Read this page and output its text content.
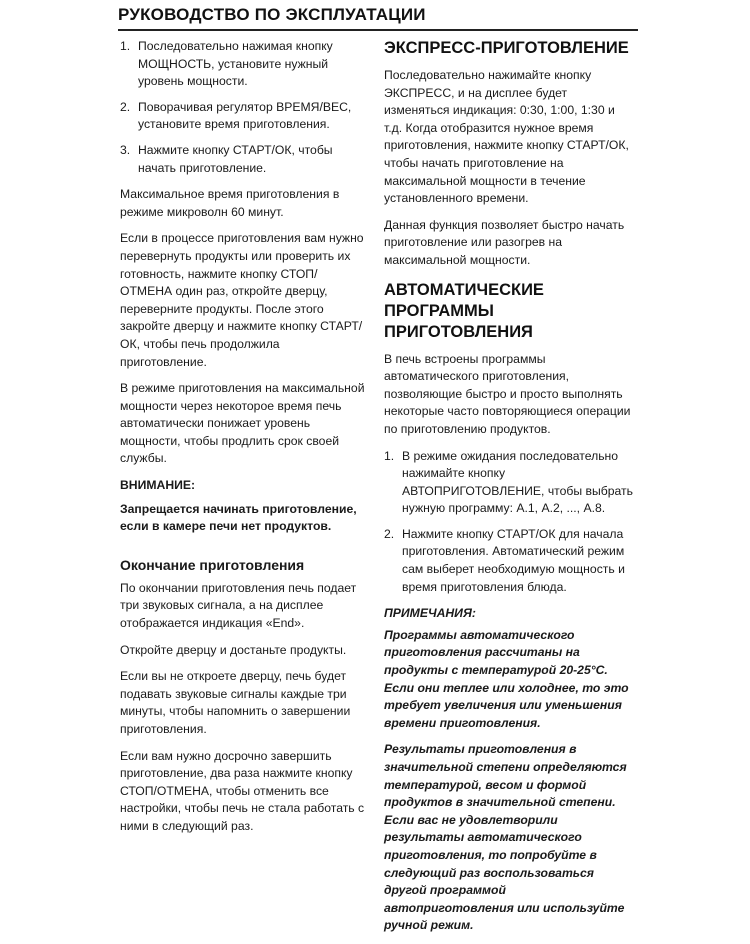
РУКОВОДСТВО ПО ЭКСПЛУАТАЦИИ
1. Последовательно нажимая кнопку МОЩНОСТЬ, установите нужный уровень мощности.
2. Поворачивая регулятор ВРЕМЯ/ВЕС, установите время приготовления.
3. Нажмите кнопку СТАРТ/ОК, чтобы начать приготовление.

Максимальное время приготовления в режиме микроволн 60 минут.

Если в процессе приготовления вам нужно перевернуть продукты или проверить их готовность, нажмите кнопку СТОП/ОТМЕНА один раз, откройте дверцу, переверните продукты. После этого закройте дверцу и нажмите кнопку СТАРТ/ОК, чтобы печь продолжила приготовление.

В режиме приготовления на максимальной мощности через некоторое время печь автоматически понижает уровень мощности, чтобы продлить срок своей службы.

ВНИМАНИЕ:

Запрещается начинать приготовление, если в камере печи нет продуктов.

Окончание приготовления

По окончании приготовления печь подает три звуковых сигнала, а на дисплее отображается индикация «End».

Откройте дверцу и достаньте продукты.

Если вы не откроете дверцу, печь будет подавать звуковые сигналы каждые три минуты, чтобы напомнить о завершении приготовления.

Если вам нужно досрочно завершить приготовление, два раза нажмите кнопку СТОП/ОТМЕНА, чтобы отменить все настройки, чтобы печь не стала работать с ними в следующий раз.

ЭКСПРЕСС-ПРИГОТОВЛЕНИЕ

Последовательно нажимайте кнопку ЭКСПРЕСС, и на дисплее будет изменяться индикация: 0:30, 1:00, 1:30 и т.д. Когда отобразится нужное время приготовления, нажмите кнопку СТАРТ/ОК, чтобы начать приготовление на максимальной мощности в течение установленного времени.

Данная функция позволяет быстро начать приготовление или разогрев на максимальной мощности.

АВТОМАТИЧЕСКИЕ ПРОГРАММЫ ПРИГОТОВЛЕНИЯ

В печь встроены программы автоматического приготовления, позволяющие быстро и просто выполнять некоторые часто повторяющиеся операции по приготовлению продуктов.

1. В режиме ожидания последовательно нажимайте кнопку АВТОПРИГОТОВЛЕНИЕ, чтобы выбрать нужную программу: А.1, А.2, ..., А.8.
2. Нажмите кнопку СТАРТ/ОК для начала приготовления. Автоматический режим сам выберет необходимую мощность и время приготовления блюда.

ПРИМЕЧАНИЯ:

Программы автоматического приготовления рассчитаны на продукты с температурой 20-25°С. Если они теплее или холоднее, то это требует увеличения или уменьшения времени приготовления.

Результаты приготовления в значительной степени определяются температурой, весом и формой продуктов в значительной степени. Если вас не удовлетворили результаты автоматического приготовления, то попробуйте в следующий раз воспользоваться другой программой автоприготовления или используйте ручной режим.
